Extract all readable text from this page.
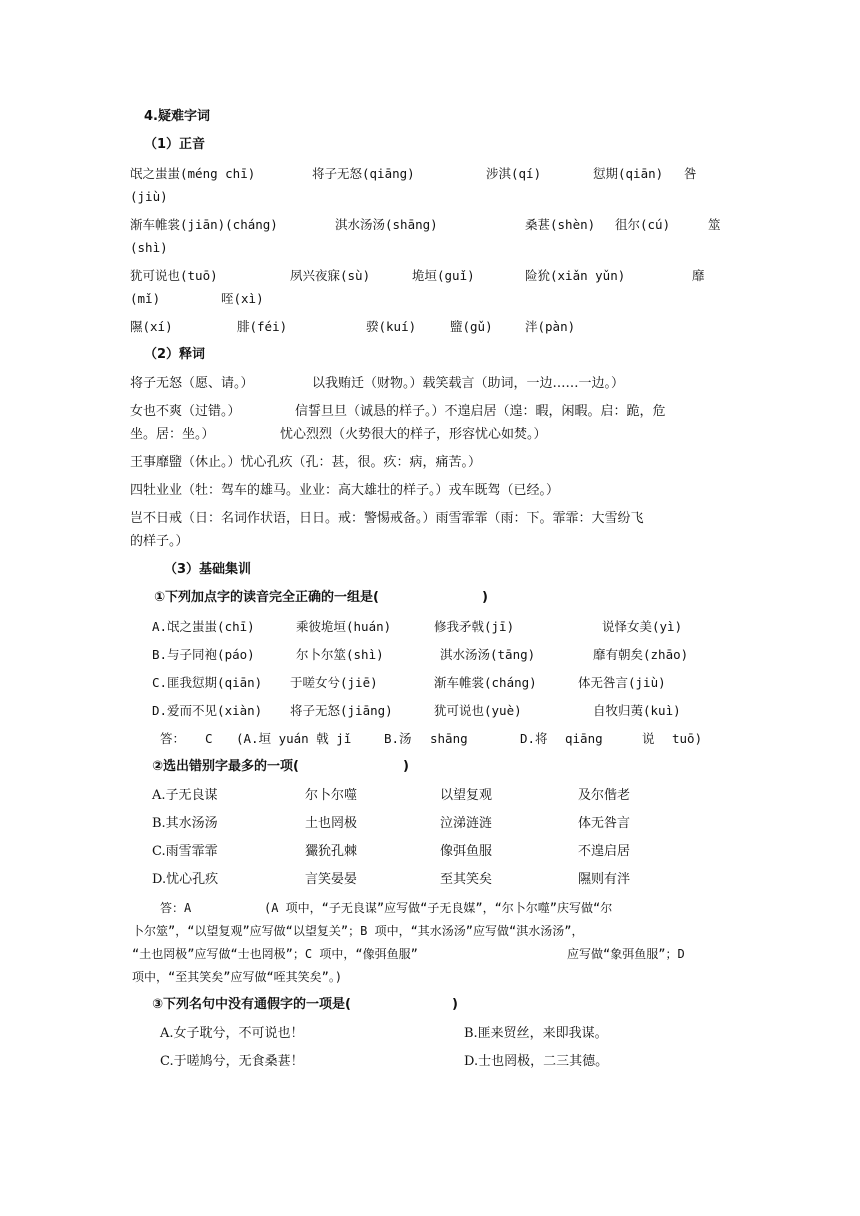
4.疑难字词
（1）正音
氓之蚩蚩(méng chī)	将子无怒(qiāng)	涉淇(qí)	愆期(qiān) 咎
(jiù)
渐车帷裳(jiān)(cháng)	淇水汤汤(shāng)	桑葚(shèn) 徂尔(cú)	筮
(shì)
犹可说也(tuō)	夙兴夜寐(sù)	垝垣(guǐ)	险狁(xiǎn yǔn)	靡
(mǐ)	咥(xì)
隰(xí)	腓(féi)	骙(kuí)	盬(gǔ)	泮(pàn)
（2）释词
将子无怒（愿、请。）	以我贿迁（财物。）载笑载言（助词，一边……一边。）
女也不爽（过错。）	信誓旦旦（诚恳的样子。）不遑启居（遑：暇，闲暇。启：跪，危
坐。居：坐。）	忧心烈烈（火势很大的样子，形容忧心如焚。）
王事靡盬（休止。）忧心孔疚（孔：甚，很。疚：病，痛苦。）
四牡业业（牡：驾车的雄马。业业：高大雄壮的样子。）戎车既驾（已经。）
岂不日戒（日：名词作状语，日日。戒：警惕戒备。）雨雪霏霏（雨：下。霏霏：大雪纷飞
的样子。）
（3）基础集训
①下列加点字的读音完全正确的一组是(	)
A.氓之蚩蚩(chī)	乘彼垝垣(huán)	修我矛戟(jī)	说怿女美(yì)
B.与子同袍(páo)	尔卜尔筮(shì)	淇水汤汤(tāng)	靡有朝矣(zhāo)
C.匪我愆期(qiān) 于嗟女兮(jiē)	渐车帷裳(cháng)	体无咎言(jiù)
D.爱而不见(xiàn) 将子无怒(jiāng)	犹可说也(yuè)	自牧归荑(kuì)
答： C (A.垣 yuán 戟 jǐ	B.汤 shāng	D.将 qiāng	说 tuō)
②选出错别字最多的一项(	)
A.子无良谋	尔卜尔噬	以望复观	及尔偕老
B.其水汤汤	土也罔极	泣涕涟涟	体无咎言
C.雨雪霏霏	玁狁孔棘	像弭鱼服	不遑启居
D.忧心孔疚	言笑晏晏	至其笑矣	隰则有泮
答：A	(A 项中，“子无良谋”应写做“子无良媒”，“尔卜尔噬”庆写做“尔
卜尔筮”，“以望复观”应写做“以望复关”；B 项中，“其水汤汤”应写做“淇水汤汤”，
“土也罔极”应写做“士也罔极”；C 项中，“像弭鱼服”	应写做“象弭鱼服”；D
项中，“至其笑矣”应写做“咥其笑矣”。)
③下列名句中没有通假字的一项是(	)
A.女子耽兮，不可说也！	B.匪来贸丝，来即我谋。
C.于嗟鸠兮，无食桑葚！	D.士也罔极，二三其德。
